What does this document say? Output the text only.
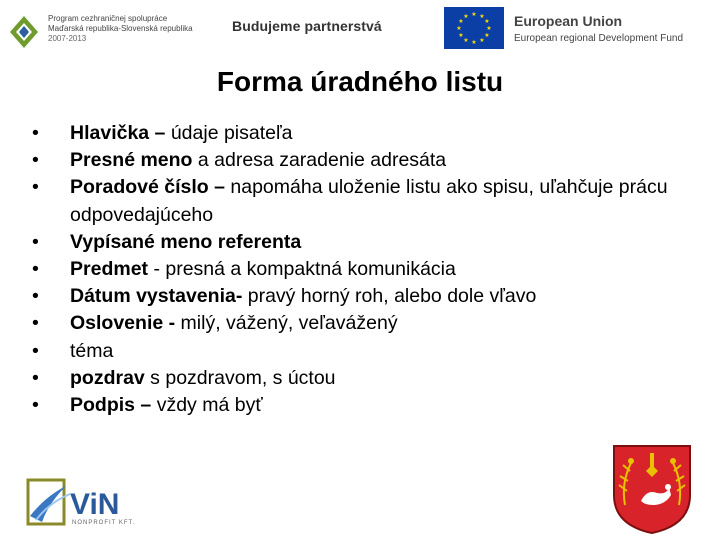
Program cezhraničnej spolupráce
Maďarská republika-Slovenská republika
2007-2013
Budujeme partnerstvá
★ ★
★
★
★
★
★
★
★
★
★
★	European Union
European regional Development Fund
Forma úradného listu
• Hlavička – údaje pisateľa
• Presné meno a adresa zaradenie adresáta
• Poradové číslo – napomáha uloženie listu ako spisu, uľahčuje prácu odpovedajúceho
• Vypísané meno referenta
• Predmet - presná a kompaktná komunikácia
• Dátum vystavenia- pravý horný roh, alebo dole vľavo
• Oslovenie - milý, vážený, veľavážený
• téma
• pozdrav s pozdravom, s úctou
• Podpis – vždy má byť
ViN
NONPROFIT KFT.
